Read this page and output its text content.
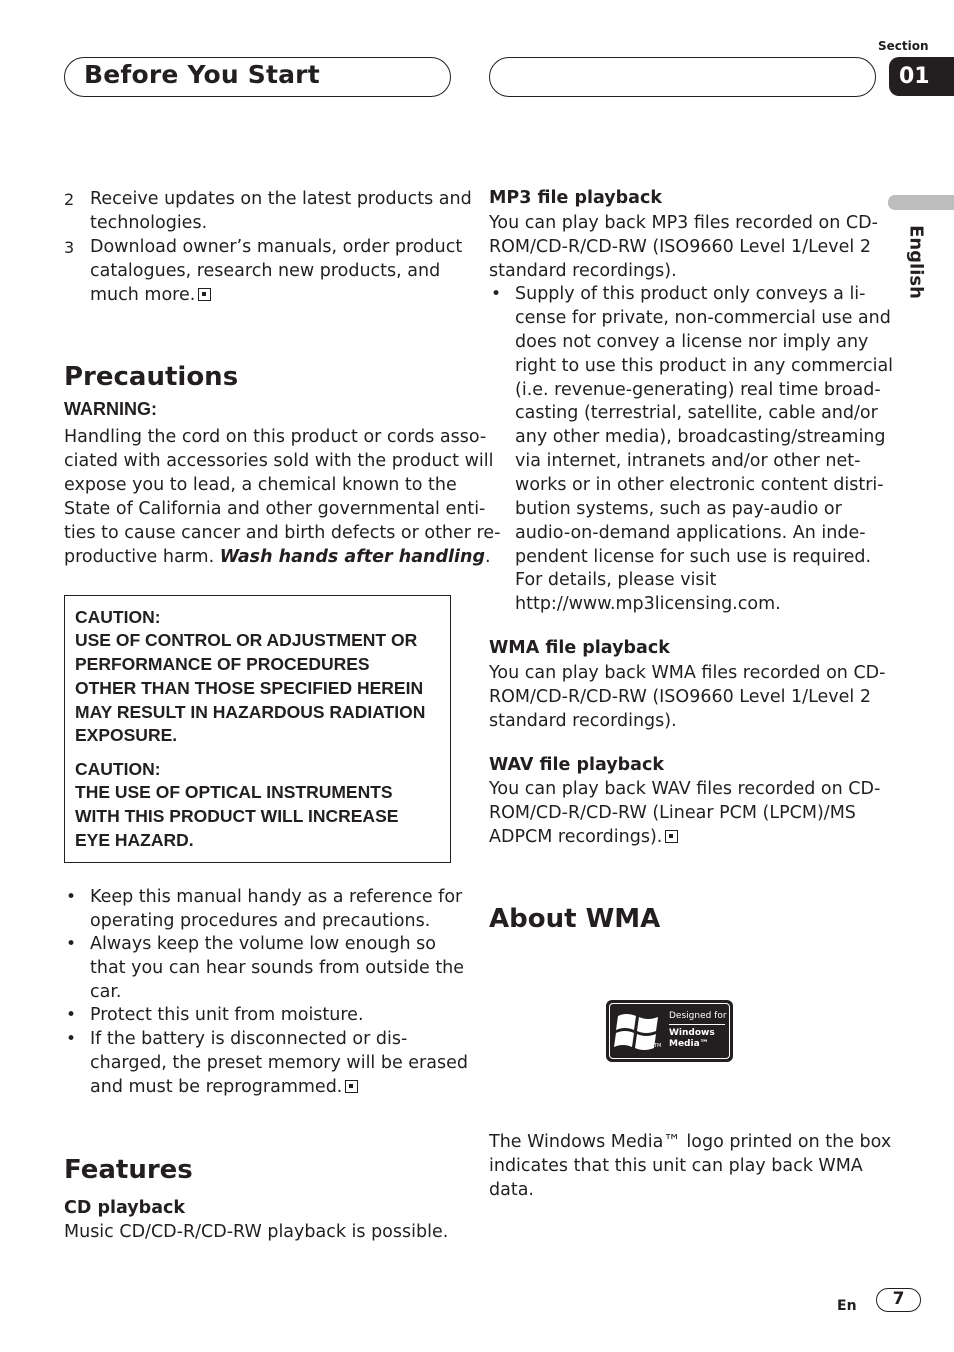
Before You Start
Section
01
English
2 Receive updates on the latest products and
technologies.
3 Download owner’s manuals, order product
catalogues, research new products, and
much more.
Precautions
WARNING:
Handling the cord on this product or cords asso-
ciated with accessories sold with the product will
expose you to lead, a chemical known to the
State of California and other governmental enti-
ties to cause cancer and birth defects or other re-
productive harm. Wash hands after handling.
CAUTION:
USE OF CONTROL OR ADJUSTMENT OR
PERFORMANCE OF PROCEDURES
OTHER THAN THOSE SPECIFIED HEREIN
MAY RESULT IN HAZARDOUS RADIATION
EXPOSURE.
CAUTION:
THE USE OF OPTICAL INSTRUMENTS
WITH THIS PRODUCT WILL INCREASE
EYE HAZARD.
• Keep this manual handy as a reference for
operating procedures and precautions.
• Always keep the volume low enough so
that you can hear sounds from outside the
car.
• Protect this unit from moisture.
• If the battery is disconnected or dis-
charged, the preset memory will be erased
and must be reprogrammed.
Features
CD playback
Music CD/CD-R/CD-RW playback is possible.
MP3 file playback
You can play back MP3 files recorded on CD-
ROM/CD-R/CD-RW (ISO9660 Level 1/Level 2
standard recordings).
• Supply of this product only conveys a li-
cense for private, non-commercial use and
does not convey a license nor imply any
right to use this product in any commercial
(i.e. revenue-generating) real time broad-
casting (terrestrial, satellite, cable and/or
any other media), broadcasting/streaming
via internet, intranets and/or other net-
works or in other electronic content distri-
bution systems, such as pay-audio or
audio-on-demand applications. An inde-
pendent license for such use is required.
For details, please visit
http://www.mp3licensing.com.
WMA file playback
You can play back WMA files recorded on CD-
ROM/CD-R/CD-RW (ISO9660 Level 1/Level 2
standard recordings).
WAV file playback
You can play back WAV files recorded on CD-
ROM/CD-R/CD-RW (Linear PCM (LPCM)/MS
ADPCM recordings).
About WMA
TM
Designed for
Windows
Media™
The Windows Media™ logo printed on the box
indicates that this unit can play back WMA
data.
En	7
